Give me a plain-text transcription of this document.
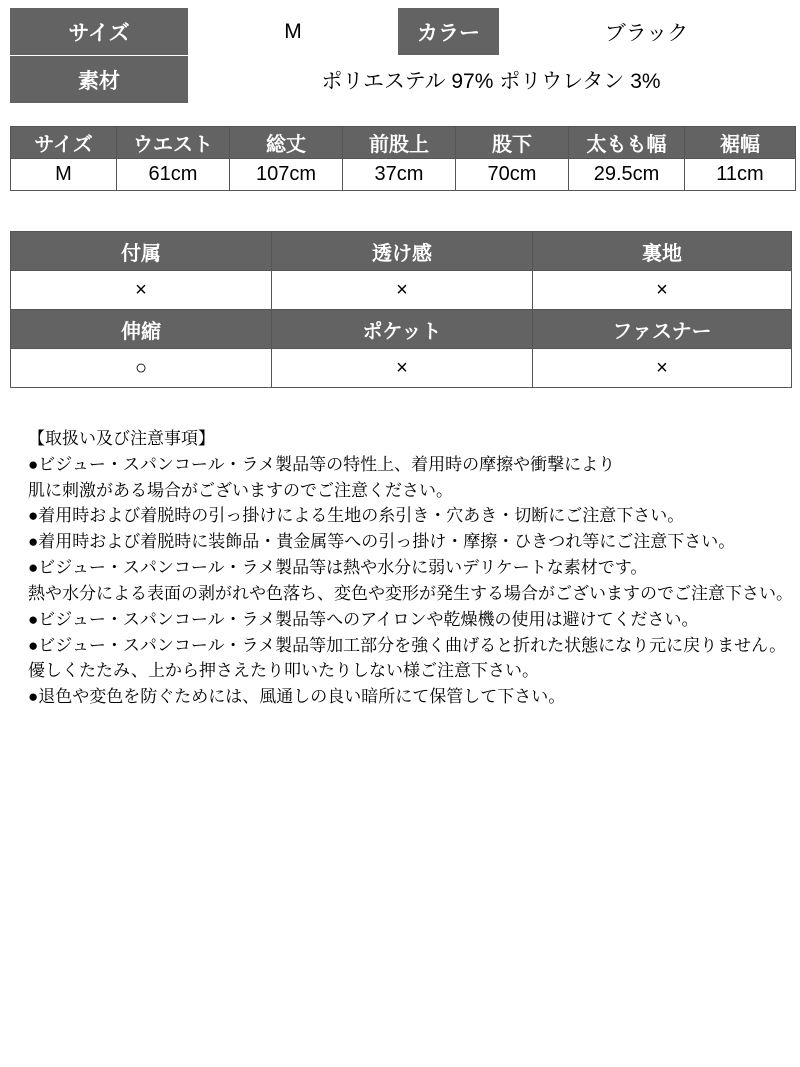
サイズ	M	カラー	ブラック
素材	ポリエステル 97% ポリウレタン 3%		
サイズ	ウエスト	総丈	前股上	股下	太もも幅	裾幅
M	61cm	107cm	37cm	70cm	29.5cm	11cm
付属	透け感	裏地
×	×	×
伸縮	ポケット	ファスナー
○	×	×
【取扱い及び注意事項】
●ビジュー・スパンコール・ラメ製品等の特性上、着用時の摩擦や衝撃により
肌に刺激がある場合がございますのでご注意ください。
●着用時および着脱時の引っ掛けによる生地の糸引き・穴あき・切断にご注意下さい。
●着用時および着脱時に装飾品・貴金属等への引っ掛け・摩擦・ひきつれ等にご注意下さい。
●ビジュー・スパンコール・ラメ製品等は熱や水分に弱いデリケートな素材です。
熱や水分による表面の剥がれや色落ち、変色や変形が発生する場合がございますのでご注意下さい。
●ビジュー・スパンコール・ラメ製品等へのアイロンや乾燥機の使用は避けてください。
●ビジュー・スパンコール・ラメ製品等加工部分を強く曲げると折れた状態になり元に戻りません。
優しくたたみ、上から押さえたり叩いたりしない様ご注意下さい。
●退色や変色を防ぐためには、風通しの良い暗所にて保管して下さい。
